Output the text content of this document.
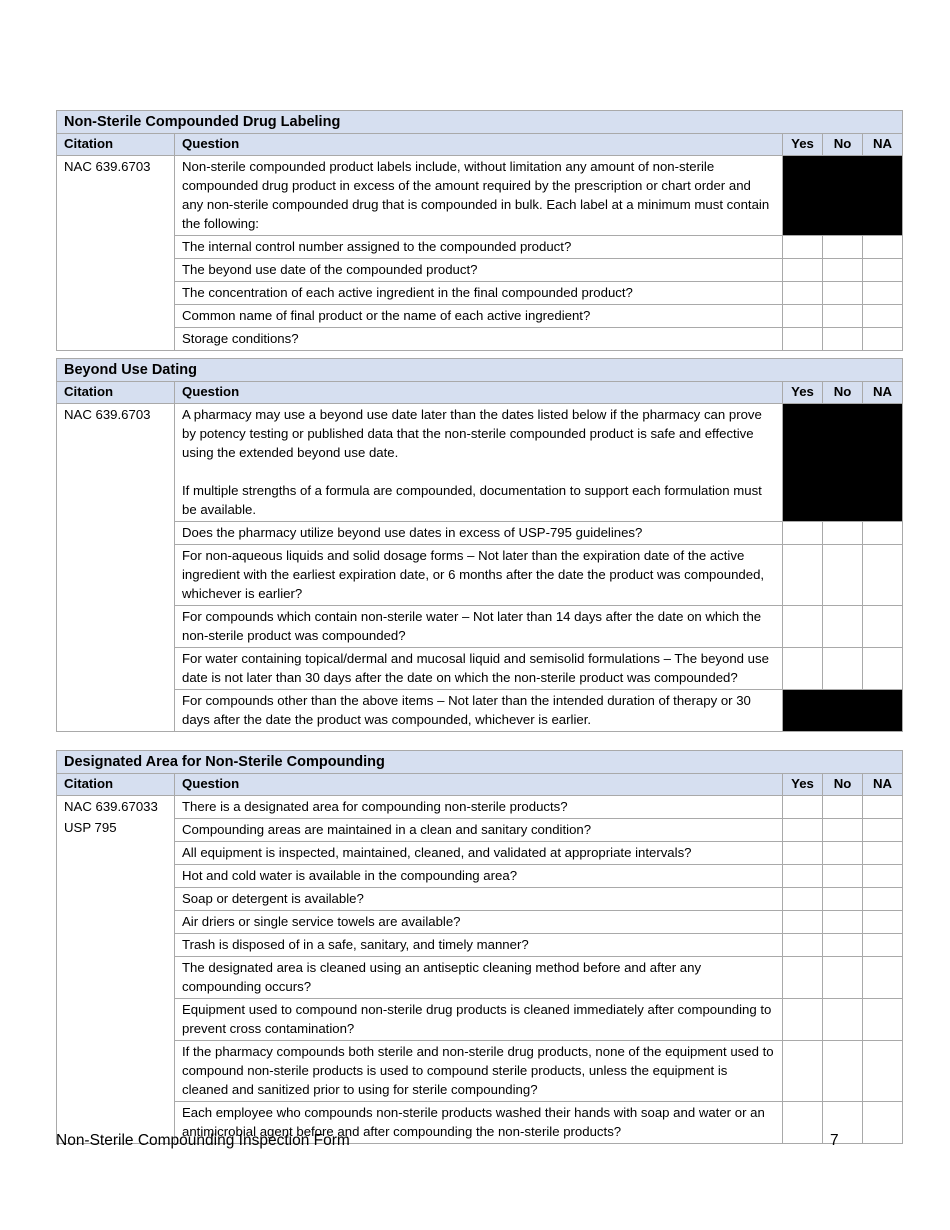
Non-Sterile Compounded Drug Labeling				
Citation	Question	Yes	No	NA
NAC 639.6703	Non-sterile compounded product labels include, without limitation any amount of non-sterile compounded drug product in excess of the amount required by the prescription or chart order and any non-sterile compounded drug that is compounded in bulk. Each label at a minimum must contain the following:			
	The internal control number assigned to the compounded product?			
	The beyond use date of the compounded product?			
	The concentration of each active ingredient in the final compounded product?			
	Common name of final product or the name of each active ingredient?			
	Storage conditions?			
Beyond Use Dating				
Citation	Question	Yes	No	NA
NAC 639.6703	A pharmacy may use a beyond use date later than the dates listed below if the pharmacy can prove by potency testing or published data that the non-sterile compounded product is safe and effective using the extended beyond use date.
If multiple strengths of a formula are compounded, documentation to support each formulation must be available.			

	Does the pharmacy utilize beyond use dates in excess of USP-795 guidelines?			
	For non-aqueous liquids and solid dosage forms – Not later than the expiration date of the active ingredient with the earliest expiration date, or 6 months after the date the product was compounded, whichever is earlier?			
	For compounds which contain non-sterile water – Not later than 14 days after the date on which the non-sterile product was compounded?			
	For water containing topical/dermal and mucosal liquid and semisolid formulations – The beyond use date is not later than 30 days after the date on which the non-sterile product was compounded?			
	For compounds other than the above items – Not later than the intended duration of therapy or 30 days after the date the product was compounded, whichever is earlier.			
Designated Area for Non-Sterile Compounding				
Citation	Question	Yes	No	NA

NAC 639.67033
USP 795	There is a designated area for compounding non-sterile products?			
	Compounding areas are maintained in a clean and sanitary condition?			
	All equipment is inspected, maintained, cleaned, and validated at appropriate intervals?			
	Hot and cold water is available in the compounding area?			
	Soap or detergent is available?			
	Air driers or single service towels are available?			
	Trash is disposed of in a safe, sanitary, and timely manner?			
	The designated area is cleaned using an antiseptic cleaning method before and after any compounding occurs?			
	Equipment used to compound non-sterile drug products is cleaned immediately after compounding to prevent cross contamination?			
	If the pharmacy compounds both sterile and non-sterile drug products, none of the equipment used to compound non-sterile products is used to compound sterile products, unless the equipment is cleaned and sanitized prior to using for sterile compounding?			
	Each employee who compounds non-sterile products washed their hands with soap and water or an antimicrobial agent before and after compounding the non-sterile products?			
Non-Sterile Compounding Inspection Form	7
